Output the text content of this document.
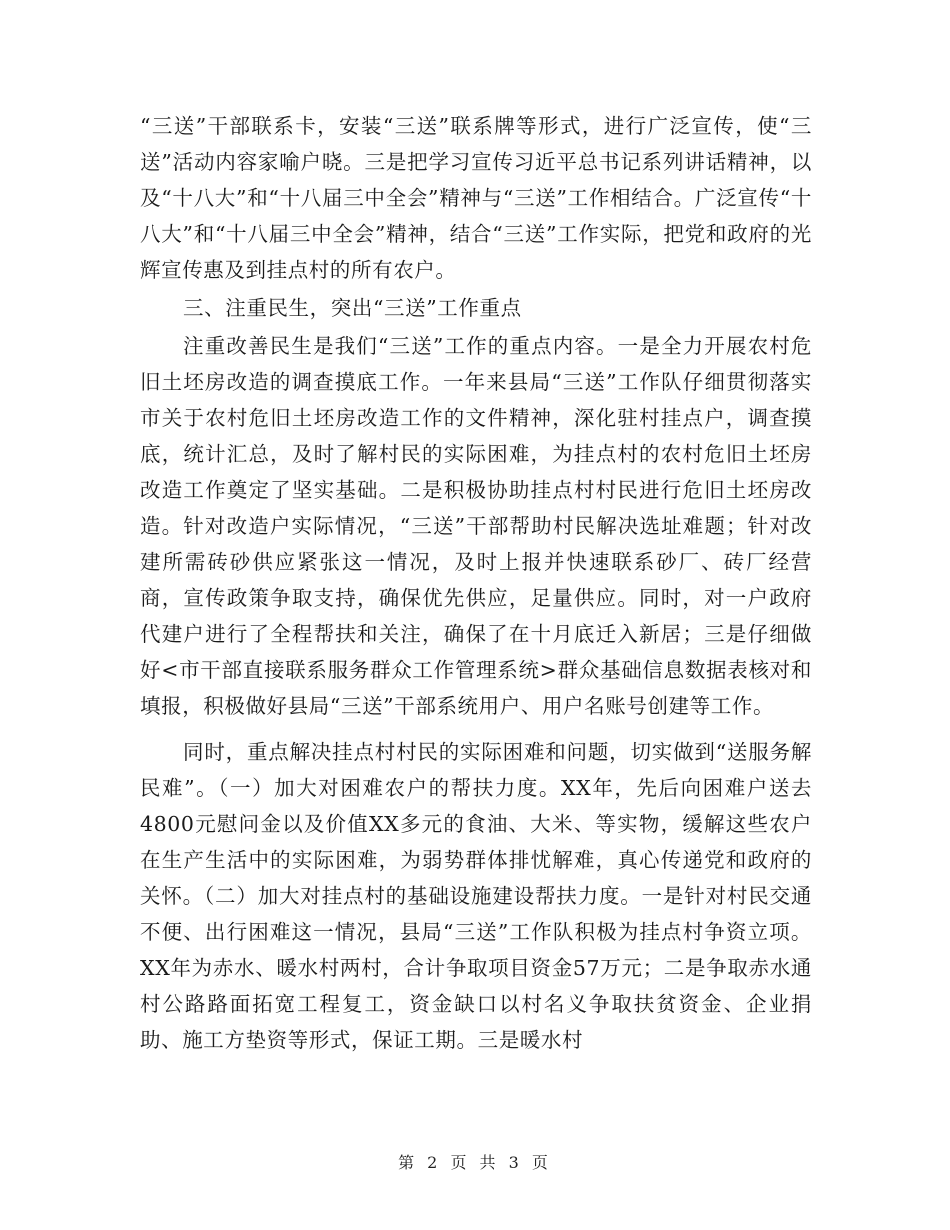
“三送”干部联系卡，安装“三送”联系牌等形式，进行广泛宣传，使“三送”活动内容家喻户晓。三是把学习宣传习近平总书记系列讲话精神，以及“十八大”和“十八届三中全会”精神与“三送”工作相结合。广泛宣传“十八大”和“十八届三中全会”精神，结合“三送”工作实际，把党和政府的光辉宣传惠及到挂点村的所有农户。

三、注重民生，突出“三送”工作重点

注重改善民生是我们“三送”工作的重点内容。一是全力开展农村危旧土坯房改造的调查摸底工作。一年来县局“三送”工作队仔细贯彻落实市关于农村危旧土坯房改造工作的文件精神，深化驻村挂点户，调查摸底，统计汇总，及时了解村民的实际困难，为挂点村的农村危旧土坯房改造工作奠定了坚实基础。二是积极协助挂点村村民进行危旧土坯房改造。针对改造户实际情况，“三送”干部帮助村民解决选址难题；针对改建所需砖砂供应紧张这一情况，及时上报并快速联系砂厂、砖厂经营商，宣传政策争取支持，确保优先供应，足量供应。同时，对一户政府代建户进行了全程帮扶和关注，确保了在十月底迁入新居；三是仔细做好<市干部直接联系服务群众工作管理系统>群众基础信息数据表核对和填报，积极做好县局“三送”干部系统用户、用户名账号创建等工作。

同时，重点解决挂点村村民的实际困难和问题，切实做到“送服务解民难”。（一）加大对困难农户的帮扶力度。XX年，先后向困难户送去4800元慰问金以及价值XX多元的食油、大米、等实物，缓解这些农户在生产生活中的实际困难，为弱势群体排忧解难，真心传递党和政府的关怀。（二）加大对挂点村的基础设施建设帮扶力度。一是针对村民交通不便、出行困难这一情况，县局“三送”工作队积极为挂点村争资立项。XX年为赤水、暖水村两村，合计争取项目资金57万元；二是争取赤水通村公路路面拓宽工程复工，资金缺口以村名义争取扶贫资金、企业捐助、施工方垫资等形式，保证工期。三是暖水村

第 2 页 共 3 页
